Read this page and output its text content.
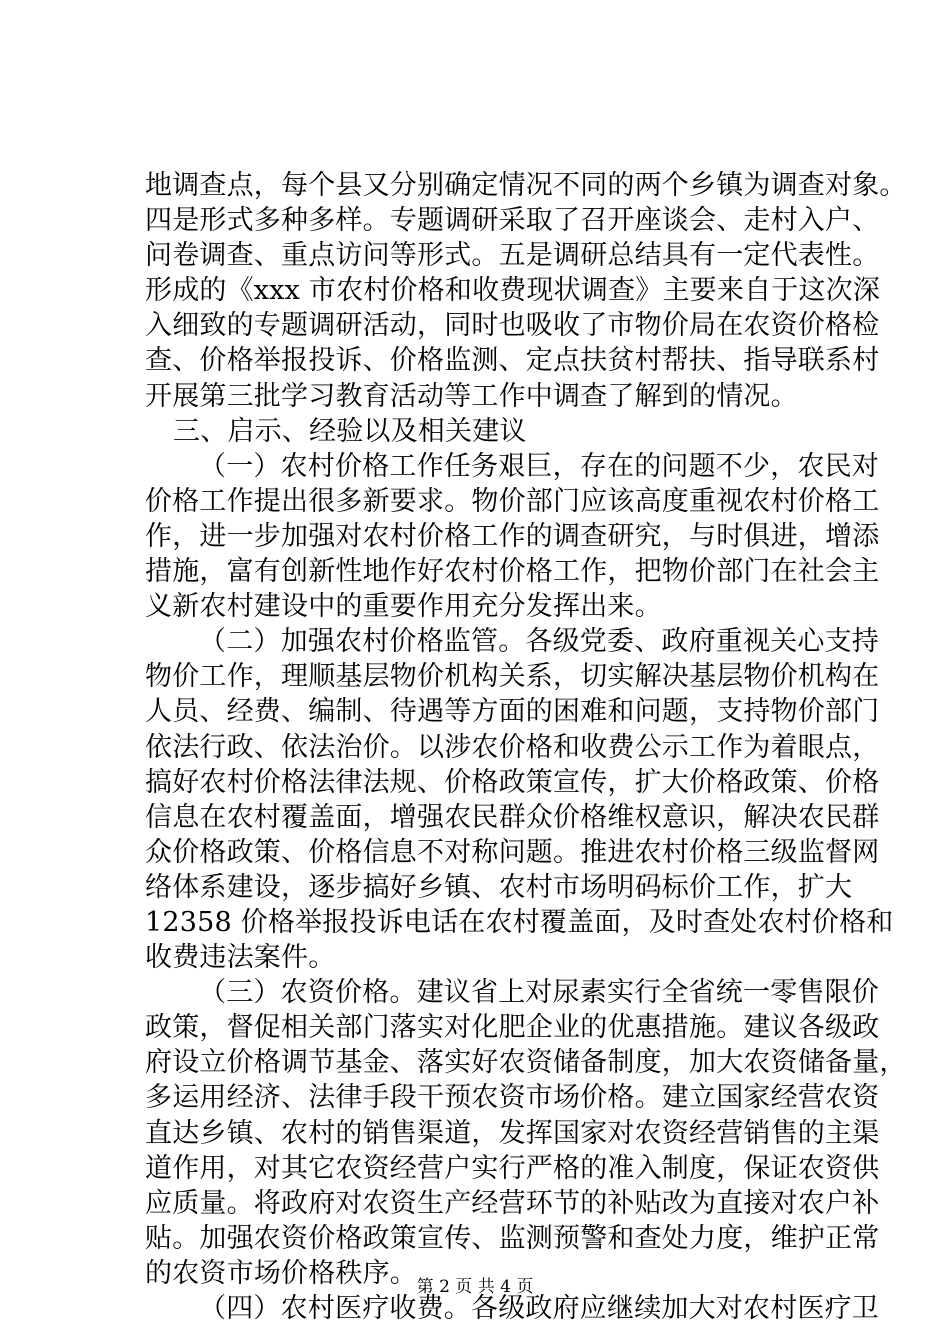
地调查点，每个县又分别确定情况不同的两个乡镇为调查对象。
四是形式多种多样。专题调研采取了召开座谈会、走村入户、
问卷调查、重点访问等形式。五是调研总结具有一定代表性。
形成的《xxx 市农村价格和收费现状调查》主要来自于这次深
入细致的专题调研活动，同时也吸收了市物价局在农资价格检
查、价格举报投诉、价格监测、定点扶贫村帮扶、指导联系村
开展第三批学习教育活动等工作中调查了解到的情况。
三、启示、经验以及相关建议
（一）农村价格工作任务艰巨，存在的问题不少，农民对
价格工作提出很多新要求。物价部门应该高度重视农村价格工
作，进一步加强对农村价格工作的调查研究，与时俱进，增添
措施，富有创新性地作好农村价格工作，把物价部门在社会主
义新农村建设中的重要作用充分发挥出来。
（二）加强农村价格监管。各级党委、政府重视关心支持
物价工作，理顺基层物价机构关系，切实解决基层物价机构在
人员、经费、编制、待遇等方面的困难和问题，支持物价部门
依法行政、依法治价。以涉农价格和收费公示工作为着眼点，
搞好农村价格法律法规、价格政策宣传，扩大价格政策、价格
信息在农村覆盖面，增强农民群众价格维权意识，解决农民群
众价格政策、价格信息不对称问题。推进农村价格三级监督网
络体系建设，逐步搞好乡镇、农村市场明码标价工作，扩大
12358 价格举报投诉电话在农村覆盖面，及时查处农村价格和
收费违法案件。
（三）农资价格。建议省上对尿素实行全省统一零售限价
政策，督促相关部门落实对化肥企业的优惠措施。建议各级政
府设立价格调节基金、落实好农资储备制度，加大农资储备量，
多运用经济、法律手段干预农资市场价格。建立国家经营农资
直达乡镇、农村的销售渠道，发挥国家对农资经营销售的主渠
道作用，对其它农资经营户实行严格的准入制度，保证农资供
应质量。将政府对农资生产经营环节的补贴改为直接对农户补
贴。加强农资价格政策宣传、监测预警和查处力度，维护正常
的农资市场价格秩序。
（四）农村医疗收费。各级政府应继续加大对农村医疗卫
第 2 页 共 4 页
